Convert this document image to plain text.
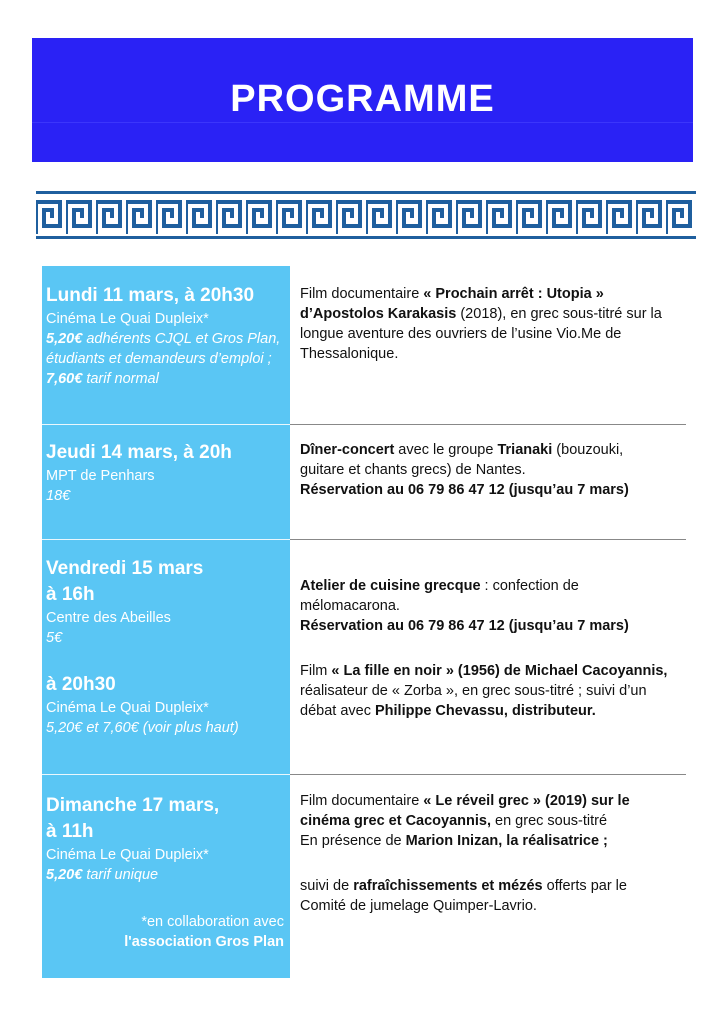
PROGRAMME
Lundi 11 mars, à 20h30
Cinéma Le Quai Dupleix*
5,20€ adhérents CJQL et Gros Plan, étudiants et demandeurs d’emploi ; 7,60€ tarif normal
Film documentaire « Prochain arrêt : Utopia » d’Apostolos Karakasis (2018), en grec sous-titré sur la longue aventure des ouvriers de l’usine Vio.Me de Thessalonique.
Jeudi 14 mars, à 20h
MPT de Penhars
18€
Dîner-concert avec le groupe Trianaki (bouzouki, guitare et chants grecs) de Nantes.
Réservation au 06 79 86 47 12 (jusqu’au 7 mars)
Vendredi 15 mars
à 16h
Centre des Abeilles
5€
à 20h30
Cinéma Le Quai Dupleix*
5,20€ et 7,60€ (voir plus haut)
Atelier de cuisine grecque : confection de mélomacarona.
Réservation au 06 79 86 47 12 (jusqu’au 7 mars)
Film « La fille en noir » (1956) de Michael Cacoyannis, réalisateur de « Zorba », en grec sous-titré ; suivi d’un débat avec Philippe Chevassu, distributeur.
Dimanche 17 mars,
à 11h
Cinéma Le Quai Dupleix*
5,20€ tarif unique
Film documentaire « Le réveil grec » (2019) sur le cinéma grec et Cacoyannis, en grec sous-titré
En présence de Marion Inizan, la réalisatrice ;
suivi de rafraîchissements et mézés offerts par le Comité de jumelage Quimper-Lavrio.
*en collaboration avec
l'association Gros Plan
